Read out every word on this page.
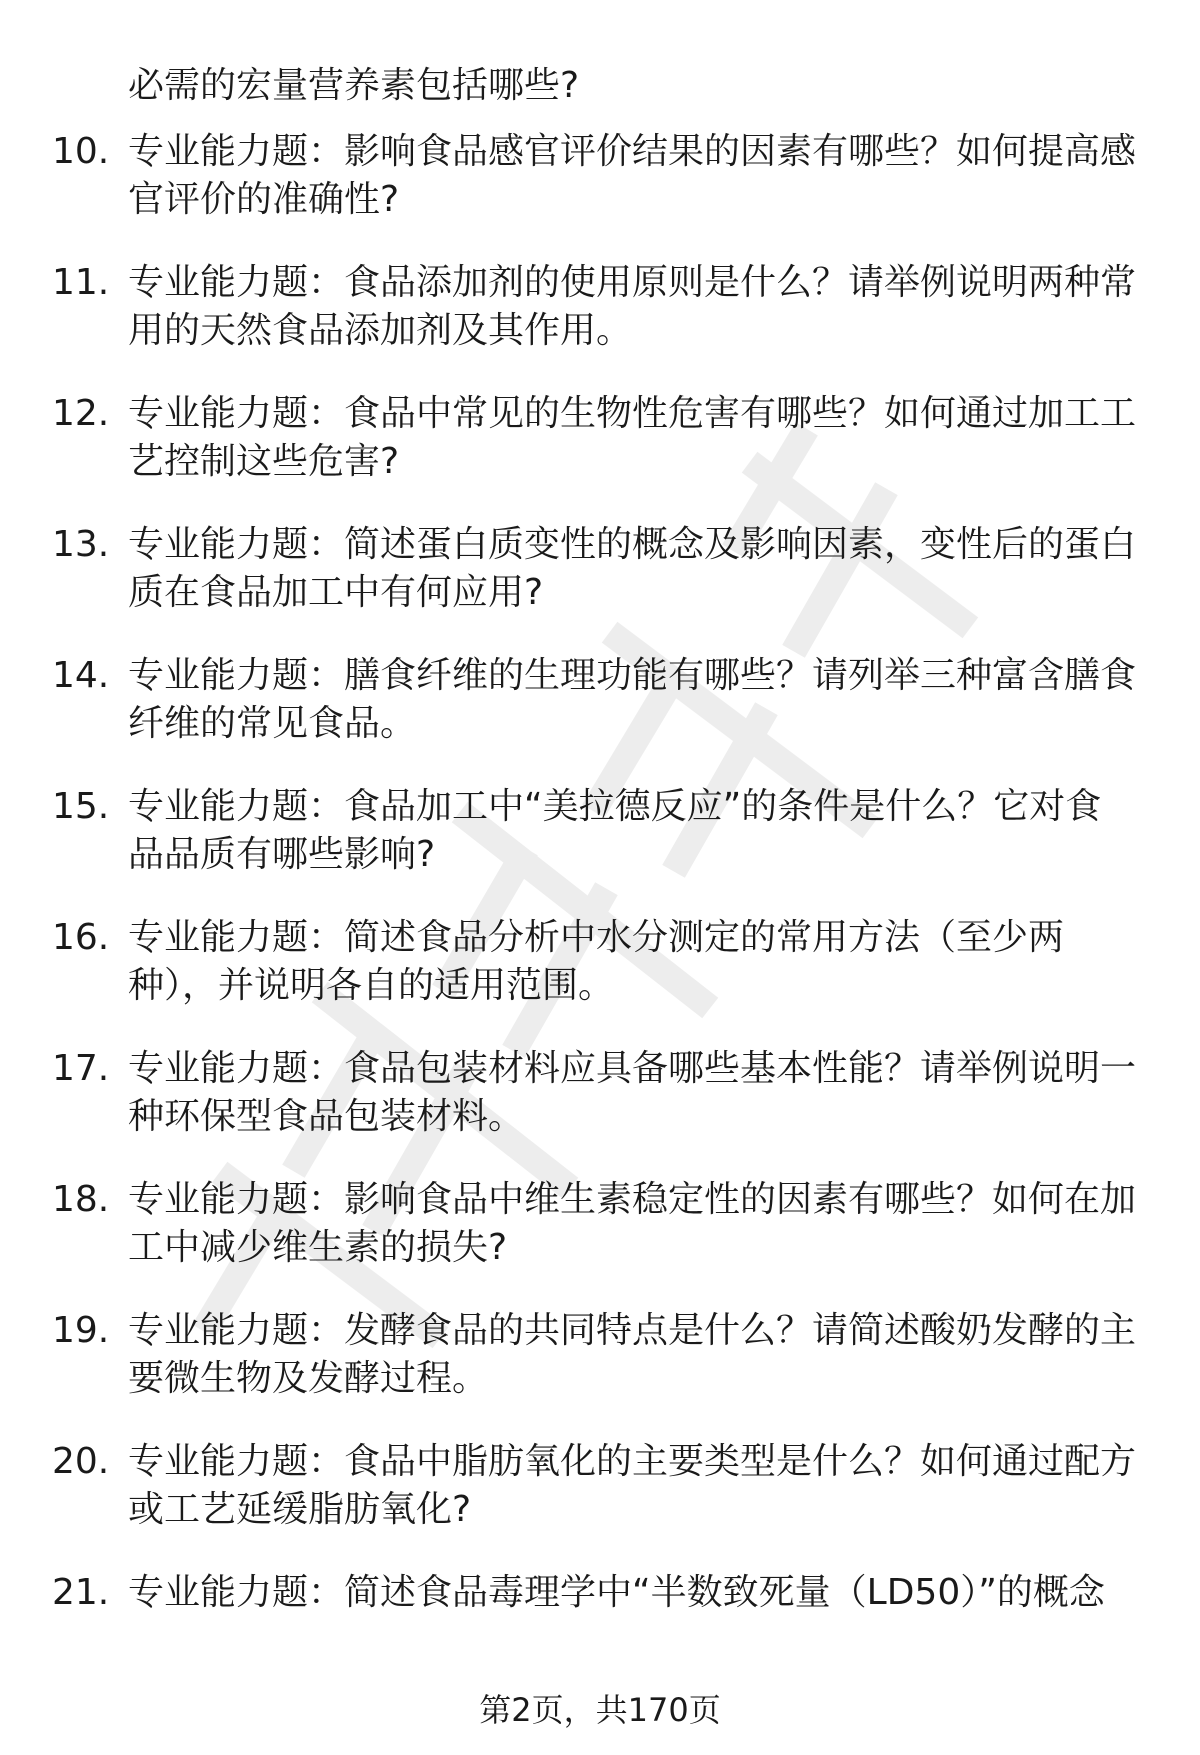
必需的宏量营养素包括哪些?
10. 专业能力题：影响食品感官评价结果的因素有哪些？如何提高感
官评价的准确性?
11. 专业能力题：食品添加剂的使用原则是什么？请举例说明两种常
用的天然食品添加剂及其作用。
12. 专业能力题：食品中常见的生物性危害有哪些？如何通过加工工
艺控制这些危害?
13. 专业能力题：简述蛋白质变性的概念及影响因素，变性后的蛋白
质在食品加工中有何应用?
14. 专业能力题：膳食纤维的生理功能有哪些？请列举三种富含膳食
纤维的常见食品。
15. 专业能力题：食品加工中“美拉德反应”的条件是什么？它对食
品品质有哪些影响?
16. 专业能力题：简述食品分析中水分测定的常用方法（至少两
种），并说明各自的适用范围。
17. 专业能力题：食品包装材料应具备哪些基本性能？请举例说明一
种环保型食品包装材料。
18. 专业能力题：影响食品中维生素稳定性的因素有哪些？如何在加
工中减少维生素的损失?
19. 专业能力题：发酵食品的共同特点是什么？请简述酸奶发酵的主
要微生物及发酵过程。
20. 专业能力题：食品中脂肪氧化的主要类型是什么？如何通过配方
或工艺延缓脂肪氧化?
21. 专业能力题：简述食品毒理学中“半数致死量（LD50）”的概念
第2页，共170页
